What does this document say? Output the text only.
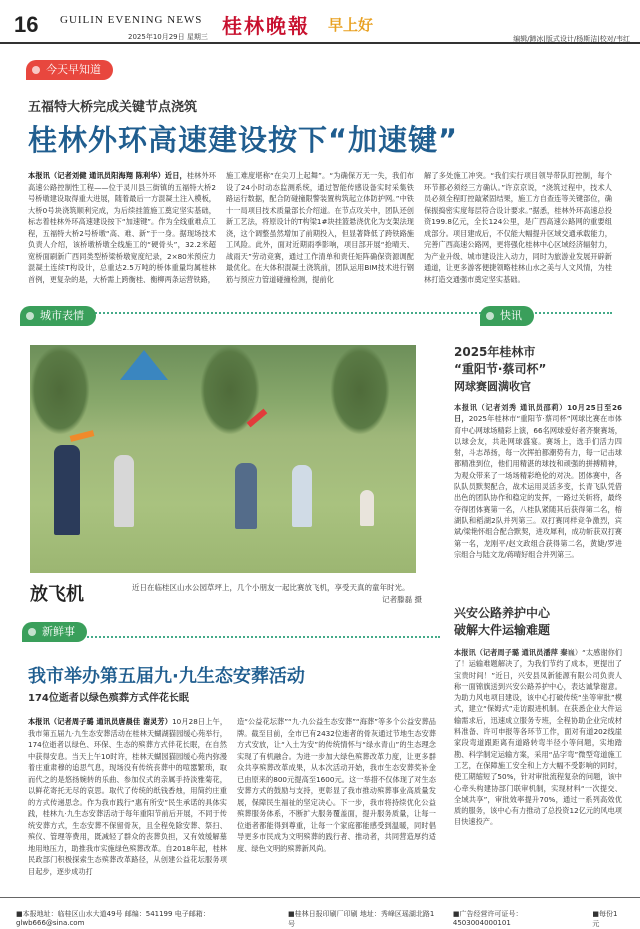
16 GUILIN EVENING NEWS
2025年10月29日 星期三 桂林晚報 早上好
编辑/蹄冰|版式设计/杨斯洁|校对/韦红
今天早知道
五福特大桥完成关键节点浇筑
桂林外环高速建设按下“加速键”
本报讯（记者刘健 通讯员阳海翔 陈利华）近日，桂林外环高速公路控制性工程——位于灵川县三街镇的五福特大桥2号桥墩建设取得重大进展，随着最后一方混凝土注入模板，大桥0号块浇筑顺利完成，为后续挂篮施工奠定坚实基础，标志着桂林外环高速建设按下“加速键”。作为全线重难点工程，五福特大桥2号桥墩“高、难、新”于一身。据现场技术负责人介绍，该桥墩桥墩全线施工的“硬骨头”，32.2米超宽桥面刷新广西同类型桥梁桥墩宽度纪录，2×80米预应力混凝土连续T构设计，总重达2.5万吨的桥体重量均属桂林首例，更复杂的是，大桥需上跨衡桂、衡柳两条运营铁路，
施工难度堪称“在尖刀上起舞”。“为确保万无一失，我们布设了24小时动态监测系统，通过智能传感设备实时采集铁路运行数据，配合防碰撞限警装置构筑起立体防护网。”中铁十一局项目技术质量部长介绍道。在节点攻关中，团队还创新工艺法，将原设计的T构梁1#块挂篮悬浇优化为支架法现浇，这个调整虽然增加了前期投入，但显著降低了跨铁路施工风险。此外，面对近期雨季影响，项目部开展“抢晴天、战雨天”劳动竞赛，通过工作清单和责任矩阵确保资源调配最优化。在大体积混凝土浇筑前，团队运用BIM技术进行钢筋与预应力管道碰撞检测，提前化
解了多处施工冲突。“我们实行项目领导带队盯控制，每个环节都必须经三方确认。”许京京说，“浇筑过程中，技术人员必须全程盯控敲紧固结果，施工方自查连等关键部位，确保振捣密实度每层符合设计要求。”据悉，桂林外环高速总投资199.8亿元，全长124公里，是广西高速公路网的重要组成部分。项目建成后，不仅能大幅提升区域交通承载能力，完善广西高速公路网，更将强化桂林中心区域经济辐射力，为产业升级、城市建设注入动力，同时为旅游业发展开辟新通道，让更多游客便捷领略桂林山水之美与人文风情，为桂林打造交通强市奠定坚实基础。
城市表情	快讯
放飞机	近日在临桂区山水公园草坪上，几个小朋友一起比赛放飞机，享受天真的童年时光。
记者滕磊 摄
2025年桂林市
“重阳节·蔡司杯”
网球赛圆满收官
本报讯（记者刘秀 通讯员邵莉）10月25日至26日，2025年桂林市“重阳节·蔡司杯”网球比赛在市体育中心网球场精彩上演，66名网球爱好者齐聚赛场，以球会友，共赴网球盛宴。赛场上，选手们活力四射，斗志昂扬，每一次挥拍都潮势有力，每一记击球都精准到位，他们用精湛的球技和顽强的拼搏精神，为观众带来了一场场精彩绝伦的对决。团体赛中，各队队员默契配合，战术运用灵活多变，长青飞队凭借出色的团队协作和稳定的发挥，一路过关斩将，最终夺得团体赛第一名，八桂队紧随其后获得第二名，榕湖队和稻湖2队并列第三。双打赛同样竞争激烈，宾斌/梁艳怀组合配合默契，进攻犀利，成功斩获双打赛第一名，龙刚平/赵文政组合获得第二名，黄婕/罗进宗组合与陆文龙/蒋晴好组合并列第三。
新鲜事
我市举办第五届九·九生态安葬活动
174位逝者以绿色殡葬方式伴花长眠
本报讯（记者周子璐 通讯员唐晨佳 谢灵芳）10月28日上午，我市第五届九·九生态安葬活动在桂林天蝴湖猫园缓心苑举行，174位逝者以绿色、环保、生态的殡葬方式伴花长眠，在自然中获得安息。当天上午10时许，桂林天蝴园猫园缓心苑内弥漫着庄重肃穆的追思气息，现场没有传统丧葬中的喧嚣繁琐，取而代之的是悠扬婉转的乐曲、参加仪式的亲属手持淡雅菊花，以鲜花寄托无尽的哀思。取代了传统的纸钱香烛，用简约庄重的方式传递思念。作为我市践行“惠有所安”民生承诺的具体实践，桂林九·九生态安葬活动于每年重阳节前后开展，不同于传统安葬方式，生态安葬不保留骨灰，且全程免除安葬、祭扫、殡仪、管理等费用，既减轻了群众的丧葬负担，又有效缓解墓地用地压力，助推我市实施绿色殡葬改革。自2018年起，桂林民政部门积极探索生态殡葬改革路径，从创建公益花坛服务项目起步，逐步成功打
造“公益花坛葬”“九·九公益生态安葬”“海葬”等多个公益安葬品牌。截至目前，全市已有2432位逝者的骨灰通过节地生态安葬方式安放，让“入土为安”的传统情怀与“绿水青山”的生态理念实现了有机融合。为进一步加大绿色殡葬改革力度，让更多群众共享殡葬改革成果，从本次活动开始，我市生态安葬奖补金已由原来的800元提高至1600元。这一举措不仅体现了对生态安葬方式的鼓励与支持，更彰显了我市推动殡葬事业高质量发展，保障民生福祉的坚定决心。下一步，我市将持续优化公益殡葬服务体系，不断扩大服务覆盖面，提升服务质量，让每一位逝者都能得到尊重，让每一个家庭都能感受到温暖，同时倡导更多市民成为文明殡葬的践行者、推动者，共同营造厚约适度、绿色文明的殡葬新风尚。
兴安公路养护中心
破解大件运输难题
本报讯（记者周子璐 通讯员潘萍 秦巍）“太感谢你们了！运输难题解决了，为我们节约了成本，更提出了宝贵时间！”近日，兴安县凤新能源有限公司负责人称一面锦旗送到兴安公路养护中心，表达诚挚谢意。为助力风电项目建设，该中心打破传统“坐等审批”模式，建立“保姆式”走访跟进机制。在获悉企业大件运输需求后，迅速成立服务专班，全程协助企业完成材料准备、许可申报等各环节工作，面对有道202线崖家段弯道跟距离有道路转弯半径小等问题，实地踏勘、科学制定运输方案，采用“品字弯”微型弯道施工工艺，在保障施工安全和上方大幅不受影响的同时，使工期缩短了50%，针对审批流程复杂的问题，该中心牵头构建协部门联审机制，实现材料“一次提交、全域共享”，审批效率提升70%，通过一系列高效优质的服务，该中心有力推动了总投资12亿元的风电项目快速投产。
■本报地址：临桂区山水大道49号 邮编：541199 电子邮箱：glwb666@sina.com
■桂林日报印刷厂印刷 地址：秀峰区瑶湖北路1号
■广告经营许可证号：4503004000101
■每份1元
